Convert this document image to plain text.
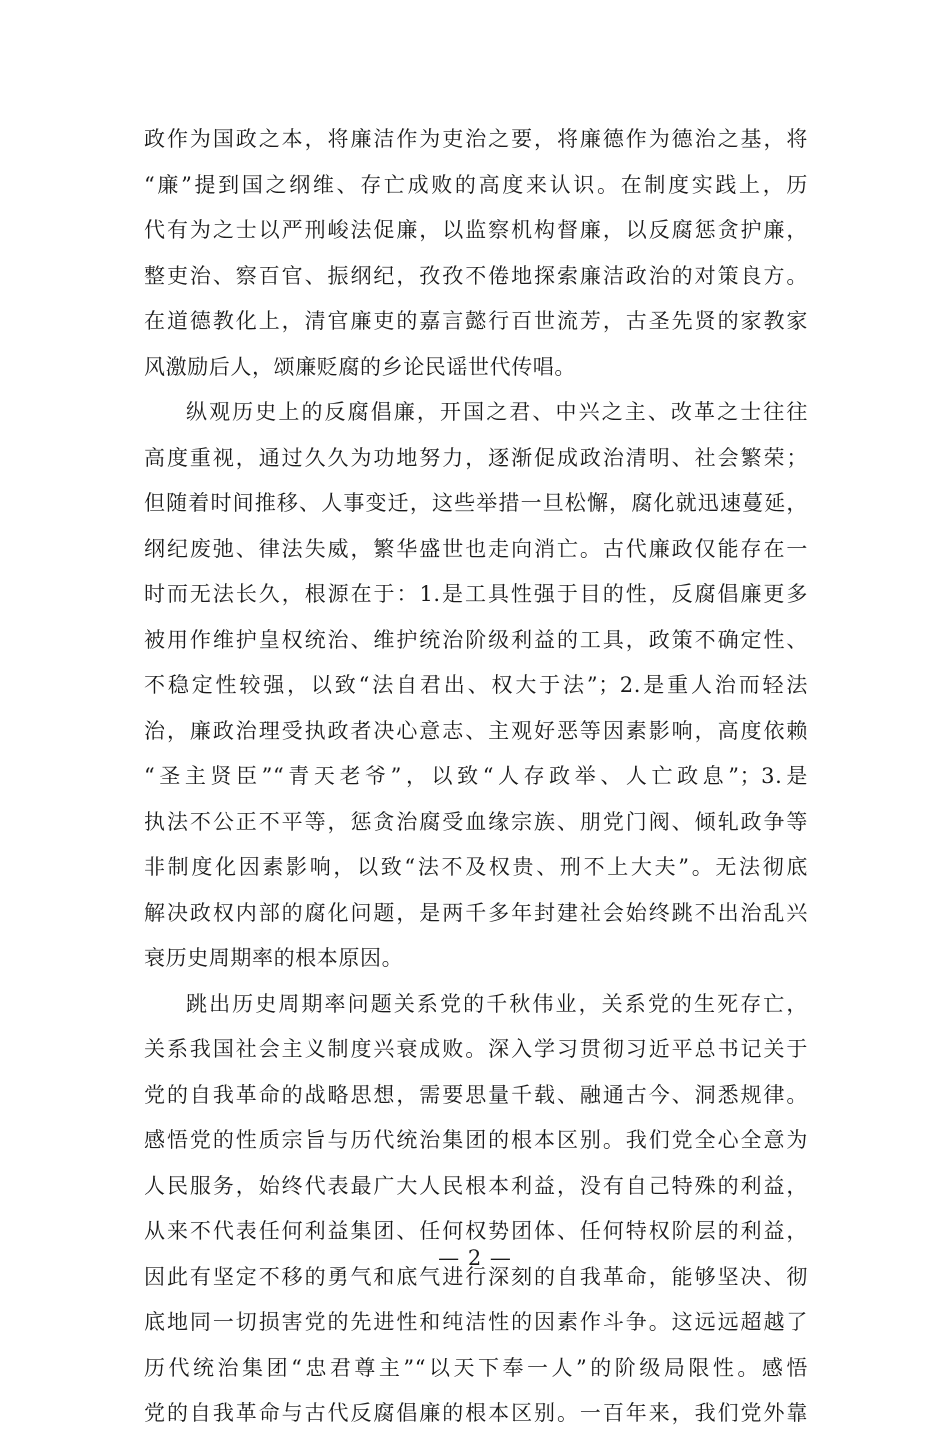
政作为国政之本，将廉洁作为吏治之要，将廉德作为德治之基，将
“廉”提到国之纲维、存亡成败的高度来认识。在制度实践上，历
代有为之士以严刑峻法促廉，以监察机构督廉，以反腐惩贪护廉，
整吏治、察百官、振纲纪，孜孜不倦地探索廉洁政治的对策良方。
在道德教化上，清官廉吏的嘉言懿行百世流芳，古圣先贤的家教家
风激励后人，颂廉贬腐的乡论民谣世代传唱。
纵观历史上的反腐倡廉，开国之君、中兴之主、改革之士往往
高度重视，通过久久为功地努力，逐渐促成政治清明、社会繁荣；
但随着时间推移、人事变迁，这些举措一旦松懈，腐化就迅速蔓延，
纲纪废弛、律法失威，繁华盛世也走向消亡。古代廉政仅能存在一
时而无法长久，根源在于：1.是工具性强于目的性，反腐倡廉更多
被用作维护皇权统治、维护统治阶级利益的工具，政策不确定性、
不稳定性较强，以致“法自君出、权大于法”；2.是重人治而轻法
治，廉政治理受执政者决心意志、主观好恶等因素影响，高度依赖
“圣主贤臣”“青天老爷”，以致“人存政举、人亡政息”；3.是
执法不公正不平等，惩贪治腐受血缘宗族、朋党门阀、倾轧政争等
非制度化因素影响，以致“法不及权贵、刑不上大夫”。无法彻底
解决政权内部的腐化问题，是两千多年封建社会始终跳不出治乱兴
衰历史周期率的根本原因。
跳出历史周期率问题关系党的千秋伟业，关系党的生死存亡，
关系我国社会主义制度兴衰成败。深入学习贯彻习近平总书记关于
党的自我革命的战略思想，需要思量千载、融通古今、洞悉规律。
感悟党的性质宗旨与历代统治集团的根本区别。我们党全心全意为
人民服务，始终代表最广大人民根本利益，没有自己特殊的利益，
从来不代表任何利益集团、任何权势团体、任何特权阶层的利益，
因此有坚定不移的勇气和底气进行深刻的自我革命，能够坚决、彻
底地同一切损害党的先进性和纯洁性的因素作斗争。这远远超越了
历代统治集团“忠君尊主”“以天下奉一人”的阶级局限性。感悟
党的自我革命与古代反腐倡廉的根本区别。一百年来，我们党外靠
— 2 —
